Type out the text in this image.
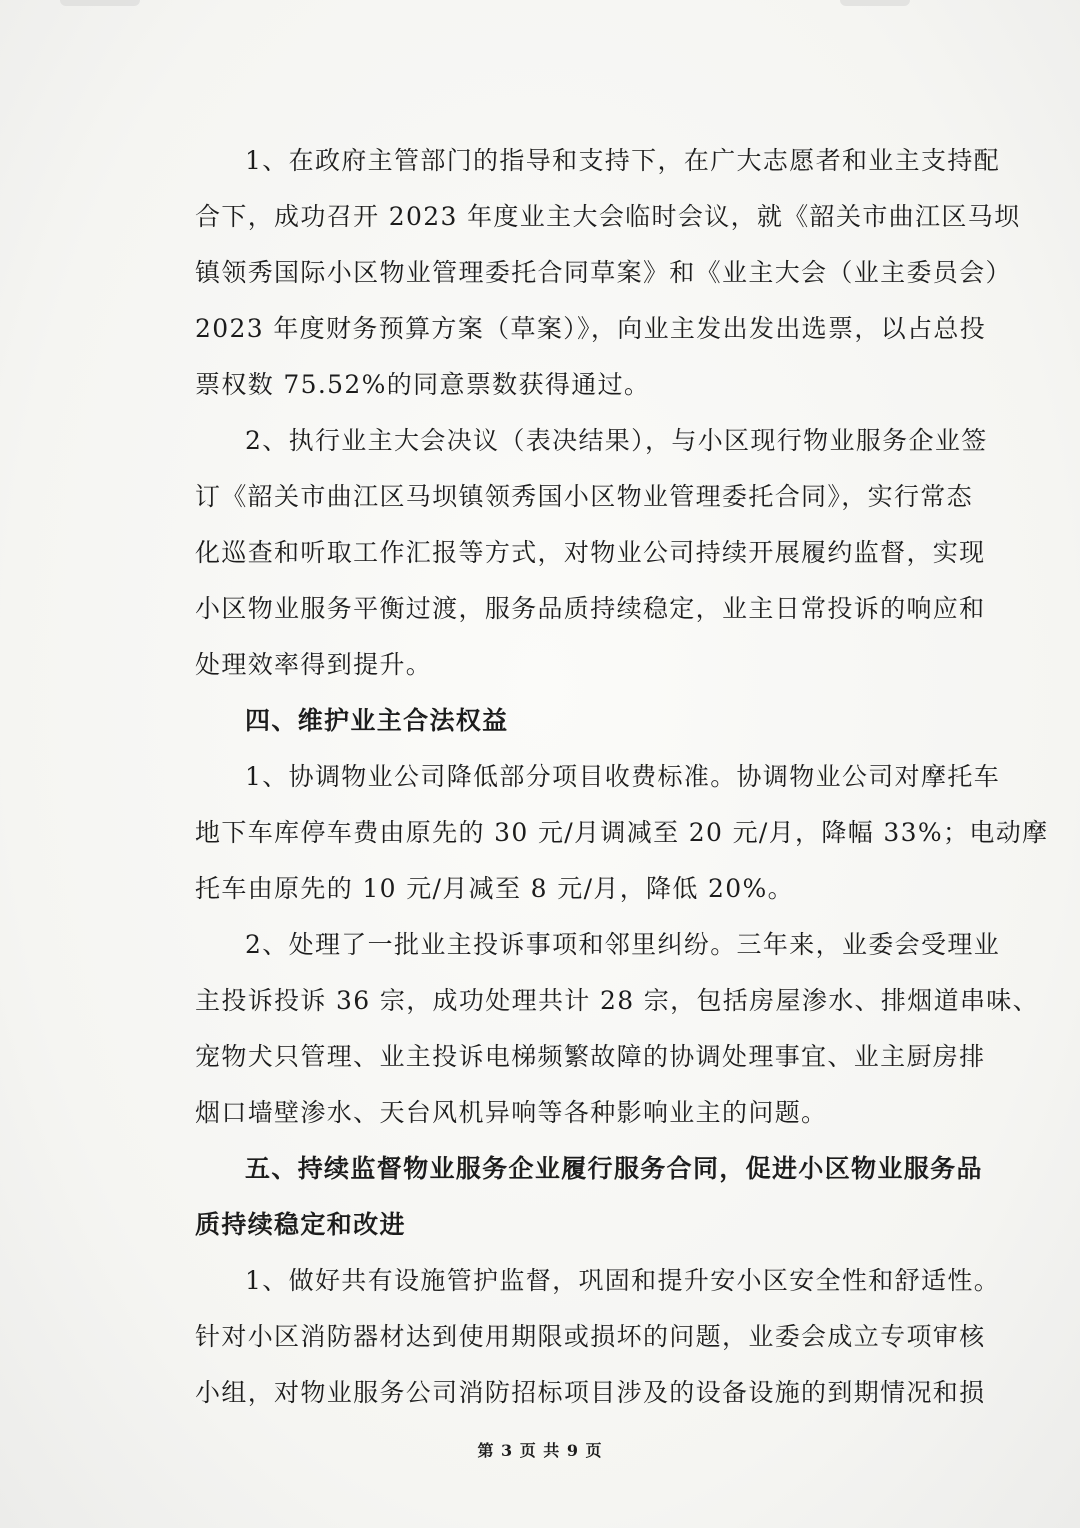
1、在政府主管部门的指导和支持下，在广大志愿者和业主支持配
合下，成功召开 2023 年度业主大会临时会议，就《韶关市曲江区马坝
镇领秀国际小区物业管理委托合同草案》和《业主大会（业主委员会）
2023 年度财务预算方案（草案）》，向业主发出发出选票，以占总投
票权数 75.52%的同意票数获得通过。
2、执行业主大会决议（表决结果），与小区现行物业服务企业签
订《韶关市曲江区马坝镇领秀国小区物业管理委托合同》，实行常态
化巡查和听取工作汇报等方式，对物业公司持续开展履约监督，实现
小区物业服务平衡过渡，服务品质持续稳定，业主日常投诉的响应和
处理效率得到提升。
四、维护业主合法权益
1、协调物业公司降低部分项目收费标准。协调物业公司对摩托车
地下车库停车费由原先的 30 元/月调减至 20 元/月，降幅 33%；电动摩
托车由原先的 10 元/月减至 8 元/月，降低 20%。
2、处理了一批业主投诉事项和邻里纠纷。三年来，业委会受理业
主投诉投诉 36 宗，成功处理共计 28 宗，包括房屋渗水、排烟道串味、
宠物犬只管理、业主投诉电梯频繁故障的协调处理事宜、业主厨房排
烟口墙壁渗水、天台风机异响等各种影响业主的问题。
五、持续监督物业服务企业履行服务合同，促进小区物业服务品
质持续稳定和改进
1、做好共有设施管护监督，巩固和提升安小区安全性和舒适性。
针对小区消防器材达到使用期限或损坏的问题，业委会成立专项审核
小组，对物业服务公司消防招标项目涉及的设备设施的到期情况和损
第 3 页 共 9 页
